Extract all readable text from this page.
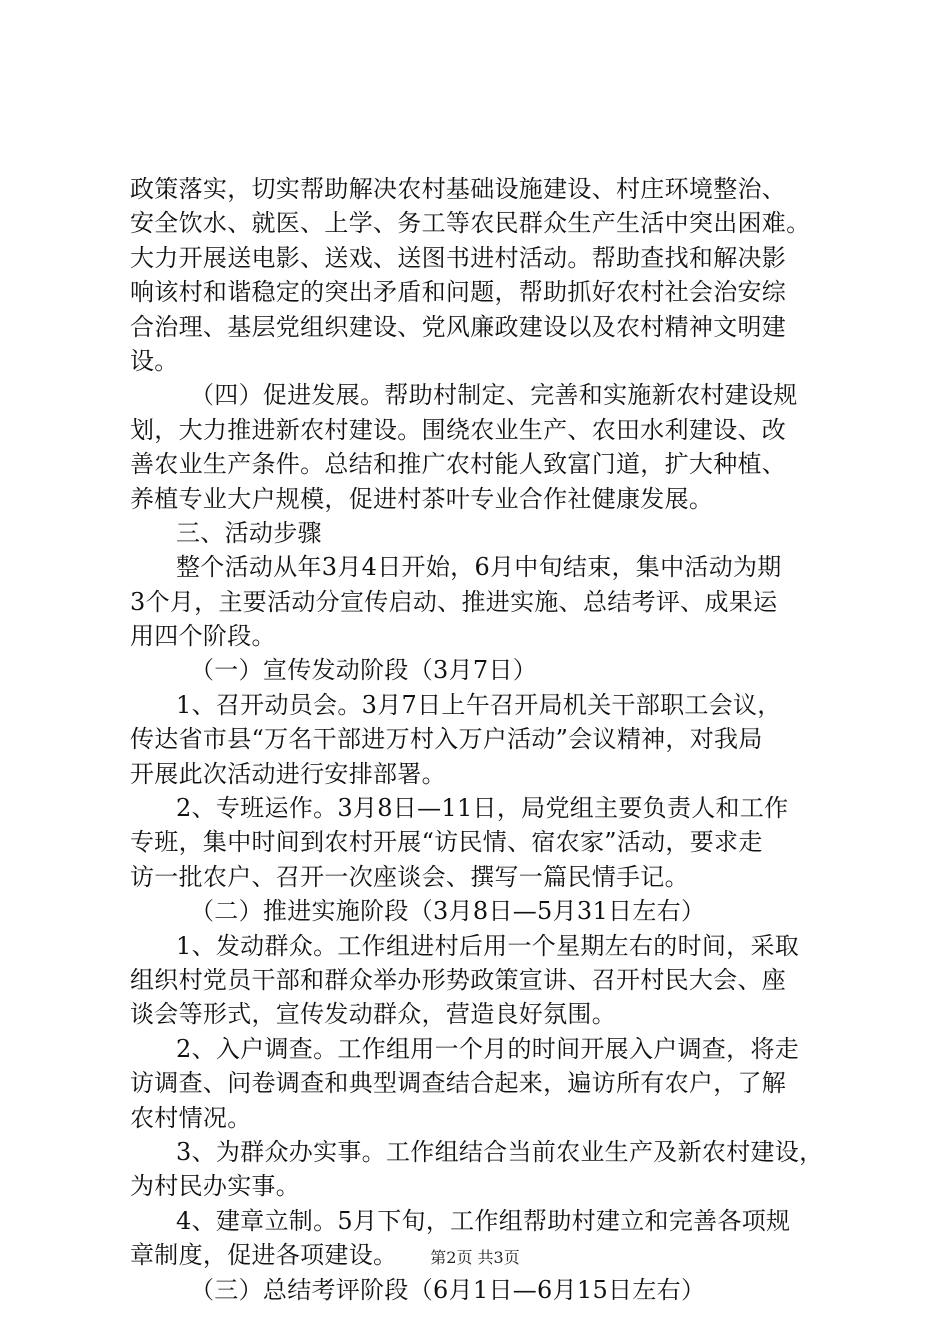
政策落实，切实帮助解决农村基础设施建设、村庄环境整治、
安全饮水、就医、上学、务工等农民群众生产生活中突出困难。
大力开展送电影、送戏、送图书进村活动。帮助查找和解决影
响该村和谐稳定的突出矛盾和问题，帮助抓好农村社会治安综
合治理、基层党组织建设、党风廉政建设以及农村精神文明建
设。
（四）促进发展。帮助村制定、完善和实施新农村建设规
划，大力推进新农村建设。围绕农业生产、农田水利建设、改
善农业生产条件。总结和推广农村能人致富门道，扩大种植、
养植专业大户规模，促进村茶叶专业合作社健康发展。
三、活动步骤
整个活动从年3月4日开始，6月中旬结束，集中活动为期
3个月，主要活动分宣传启动、推进实施、总结考评、成果运
用四个阶段。
（一）宣传发动阶段（3月7日）
1、召开动员会。3月7日上午召开局机关干部职工会议，
传达省市县“万名干部进万村入万户活动”会议精神，对我局
开展此次活动进行安排部署。
2、专班运作。3月8日—11日，局党组主要负责人和工作
专班，集中时间到农村开展“访民情、宿农家”活动，要求走
访一批农户、召开一次座谈会、撰写一篇民情手记。
（二）推进实施阶段（3月8日—5月31日左右）
1、发动群众。工作组进村后用一个星期左右的时间，采取
组织村党员干部和群众举办形势政策宣讲、召开村民大会、座
谈会等形式，宣传发动群众，营造良好氛围。
2、入户调查。工作组用一个月的时间开展入户调查，将走
访调查、问卷调查和典型调查结合起来，遍访所有农户，了解
农村情况。
3、为群众办实事。工作组结合当前农业生产及新农村建设，
为村民办实事。
4、建章立制。5月下旬，工作组帮助村建立和完善各项规
章制度，促进各项建设。
（三）总结考评阶段（6月1日—6月15日左右）
第2页 共3页
